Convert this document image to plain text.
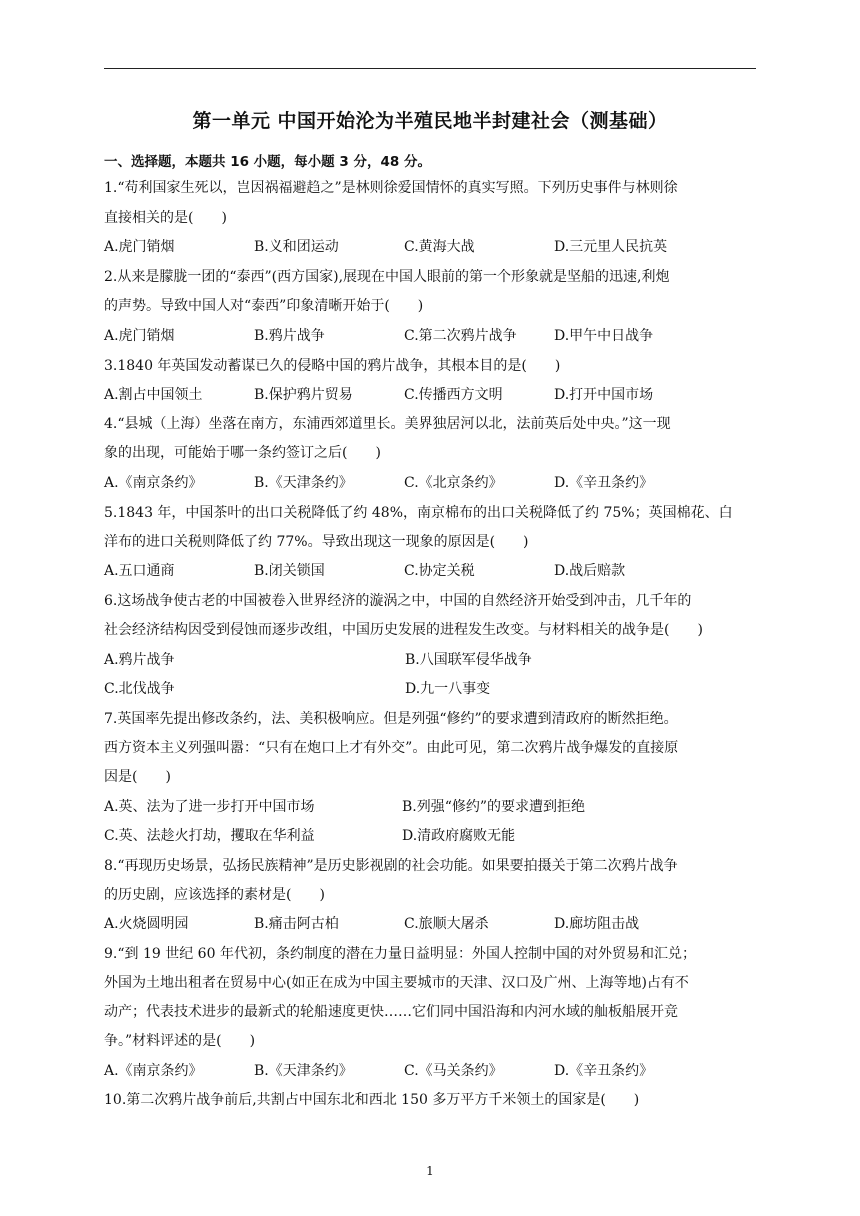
第一单元 中国开始沦为半殖民地半封建社会（测基础）
一、选择题，本题共 16 小题，每小题 3 分，48 分。
1.“苟利国家生死以，岂因祸福避趋之”是林则徐爱国情怀的真实写照。下列历史事件与林则徐
直接相关的是(　　)
A.虎门销烟	B.义和团运动	C.黄海大战	D.三元里人民抗英
2.从来是朦胧一团的“泰西”(西方国家),展现在中国人眼前的第一个形象就是坚船的迅速,利炮
的声势。导致中国人对“泰西”印象清晰开始于(　　)
A.虎门销烟	B.鸦片战争	C.第二次鸦片战争	D.甲午中日战争
3.1840 年英国发动蓄谋已久的侵略中国的鸦片战争，其根本目的是(　　)
A.割占中国领土	B.保护鸦片贸易	C.传播西方文明	D.打开中国市场
4.“县城（上海）坐落在南方，东浦西郊道里长。美界独居河以北，法前英后处中央。”这一现
象的出现，可能始于哪一条约签订之后(　　)
A.《南京条约》	B.《天津条约》	C.《北京条约》	D.《辛丑条约》
5.1843 年，中国茶叶的出口关税降低了约 48%，南京棉布的出口关税降低了约 75%；英国棉花、白
洋布的进口关税则降低了约 77%。导致出现这一现象的原因是(　　)
A.五口通商	B.闭关锁国	C.协定关税	D.战后赔款
6.这场战争使古老的中国被卷入世界经济的漩涡之中，中国的自然经济开始受到冲击，几千年的
社会经济结构因受到侵蚀而逐步改组，中国历史发展的进程发生改变。与材料相关的战争是(　　)
A.鸦片战争	B.八国联军侵华战争
C.北伐战争	D.九一八事变
7.英国率先提出修改条约，法、美积极响应。但是列强“修约”的要求遭到清政府的断然拒绝。
西方资本主义列强叫嚣：“只有在炮口上才有外交”。由此可见，第二次鸦片战争爆发的直接原
因是(　　)
A.英、法为了进一步打开中国市场	B.列强“修约”的要求遭到拒绝
C.英、法趁火打劫，攫取在华利益	D.清政府腐败无能
8.“再现历史场景，弘扬民族精神”是历史影视剧的社会功能。如果要拍摄关于第二次鸦片战争
的历史剧，应该选择的素材是(　　)
A.火烧圆明园	B.痛击阿古柏	C.旅顺大屠杀	D.廊坊阻击战
9.“到 19 世纪 60 年代初，条约制度的潜在力量日益明显：外国人控制中国的对外贸易和汇兑；
外国为土地出租者在贸易中心(如正在成为中国主要城市的天津、汉口及广州、上海等地)占有不
动产；代表技术进步的最新式的轮船速度更快……它们同中国沿海和内河水域的舢板船展开竞
争。”材料评述的是(　　)
A.《南京条约》	B.《天津条约》	C.《马关条约》	D.《辛丑条约》
10.第二次鸦片战争前后,共割占中国东北和西北 150 多万平方千米领土的国家是(　　)
1
